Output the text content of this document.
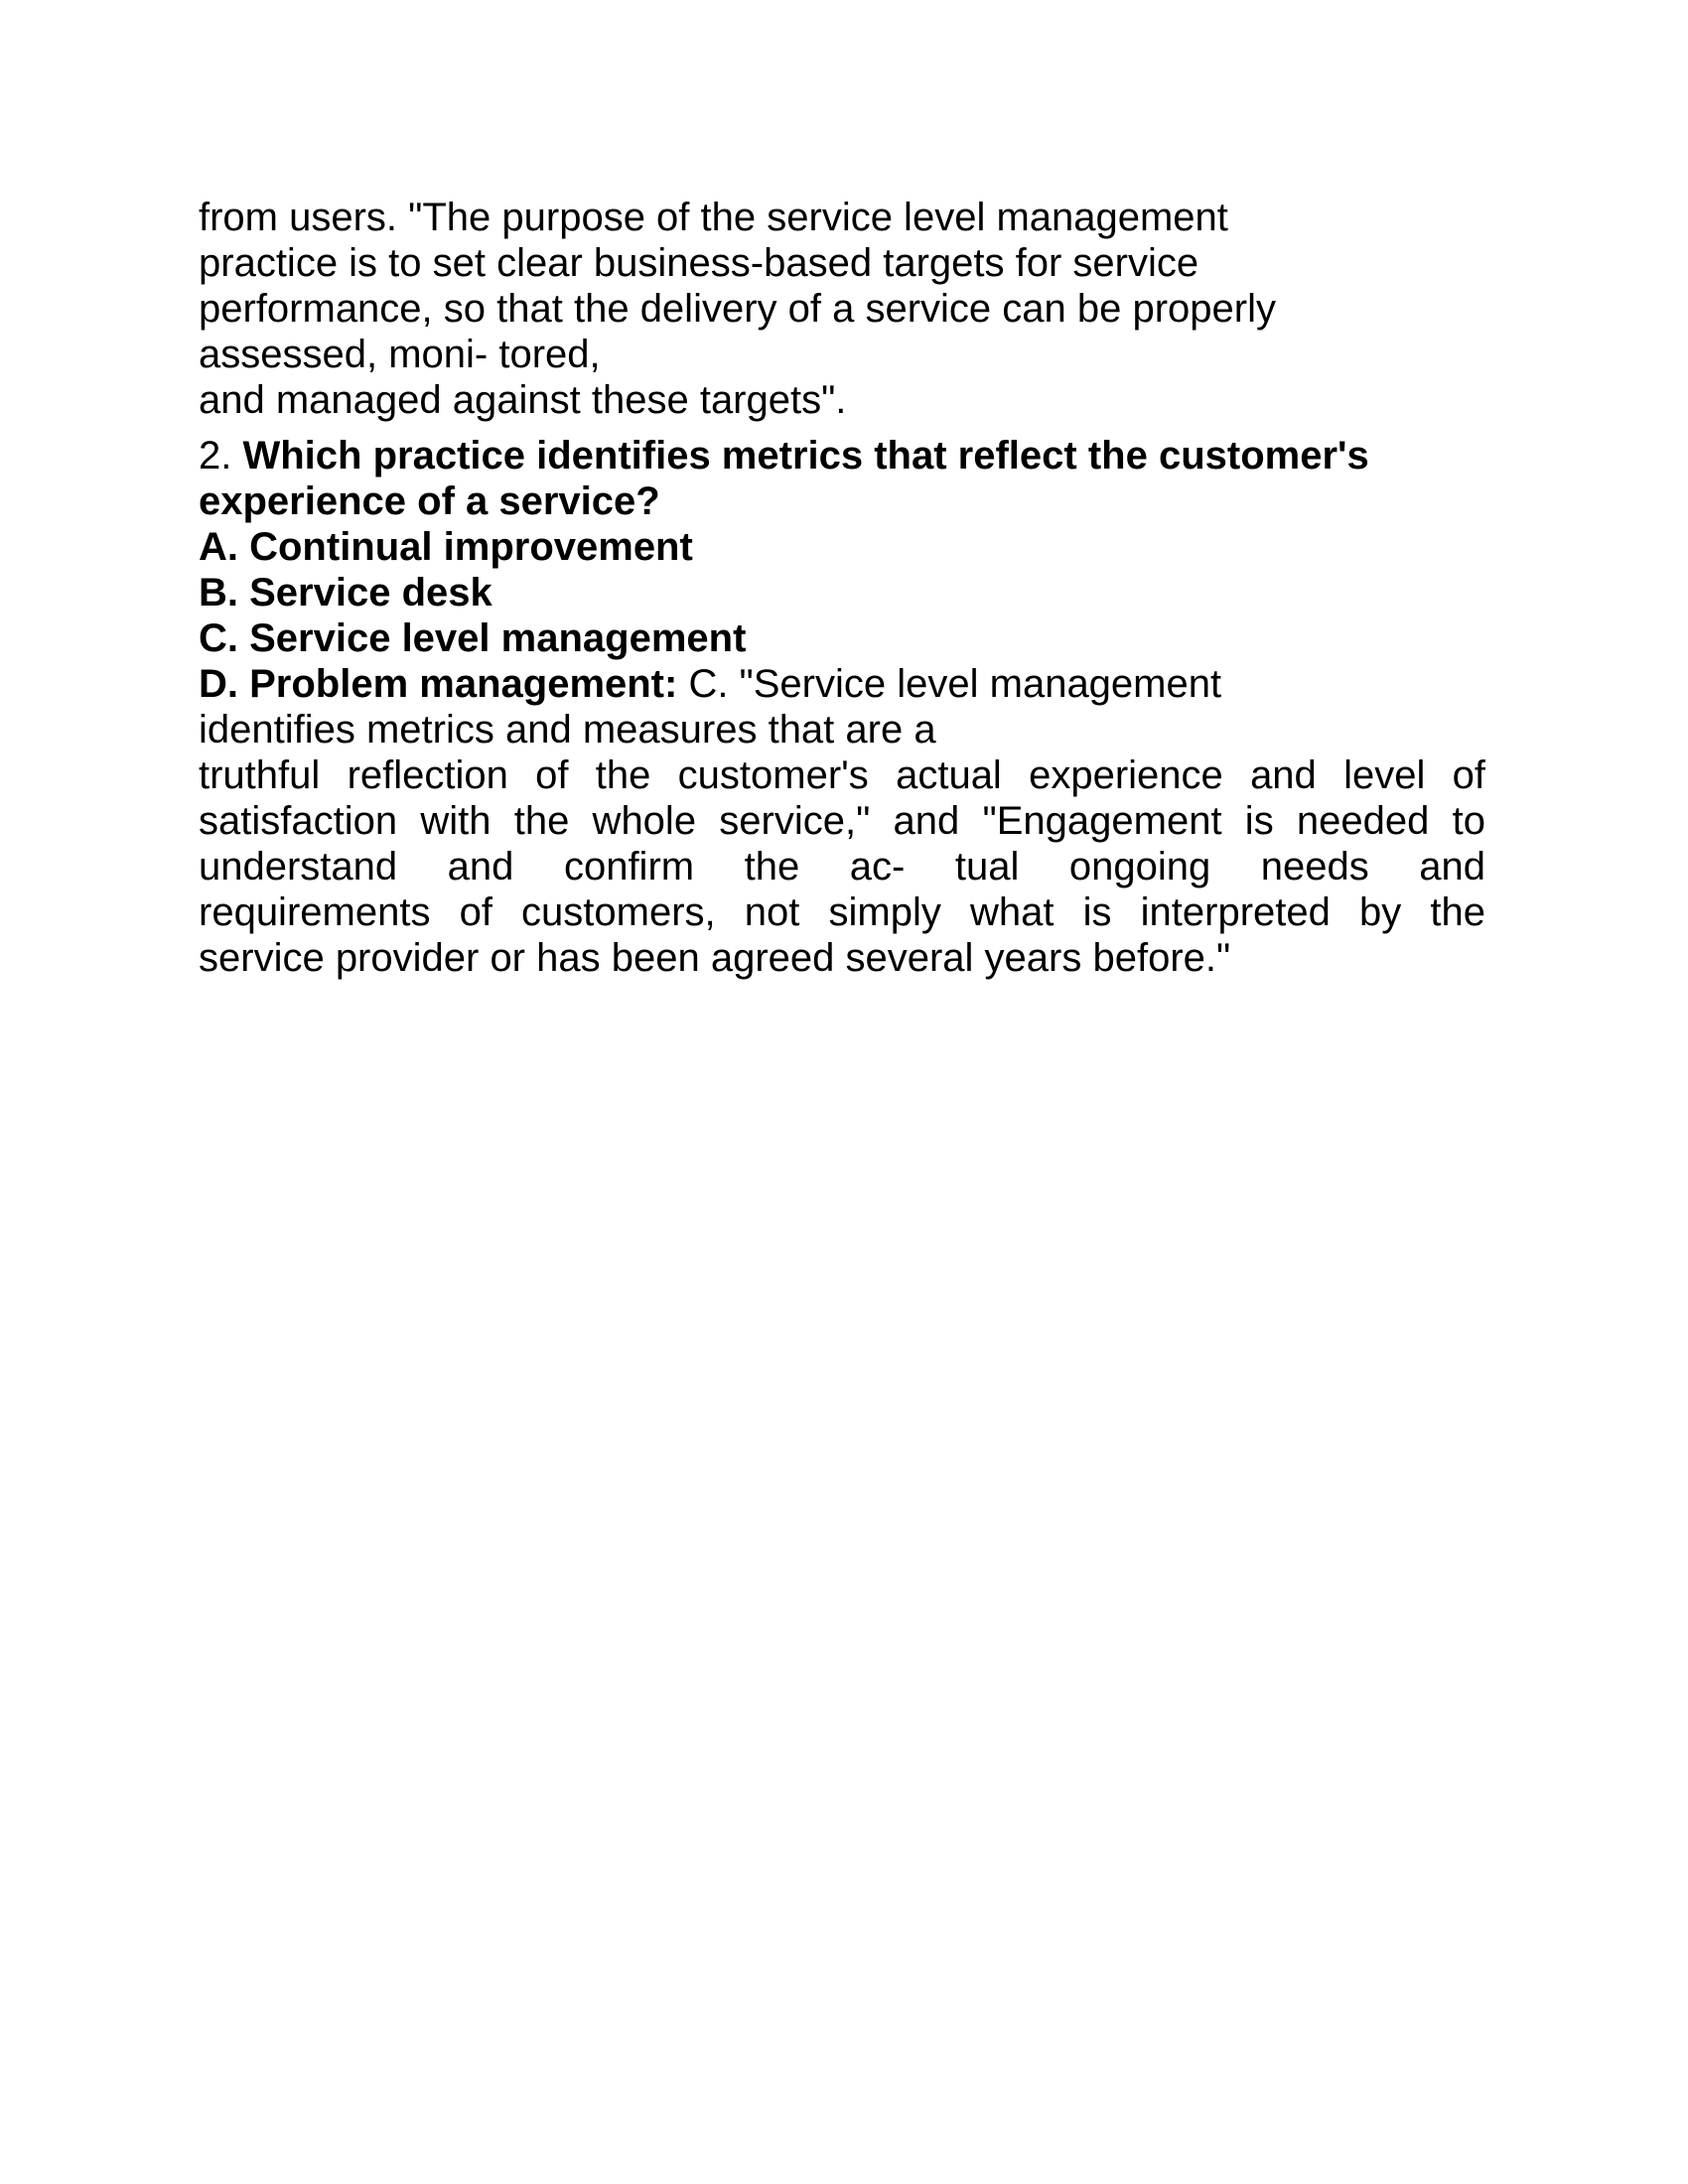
from users. "The purpose of the service level management
practice is to set clear business-based targets for service
performance, so that the delivery of a service can be properly
assessed, moni- tored,
and managed against these targets".
2. Which practice identifies metrics that reflect the customer's
experience of a service?
A. Continual improvement
B. Service desk
C. Service level management
D. Problem management: C. "Service level management
identifies metrics and measures that are a
truthful reflection of the customer's actual experience and level of
satisfaction with the whole service," and "Engagement is needed to
understand and confirm the ac- tual ongoing needs and
requirements of customers, not simply what is interpreted by the
service provider or has been agreed several years before."
